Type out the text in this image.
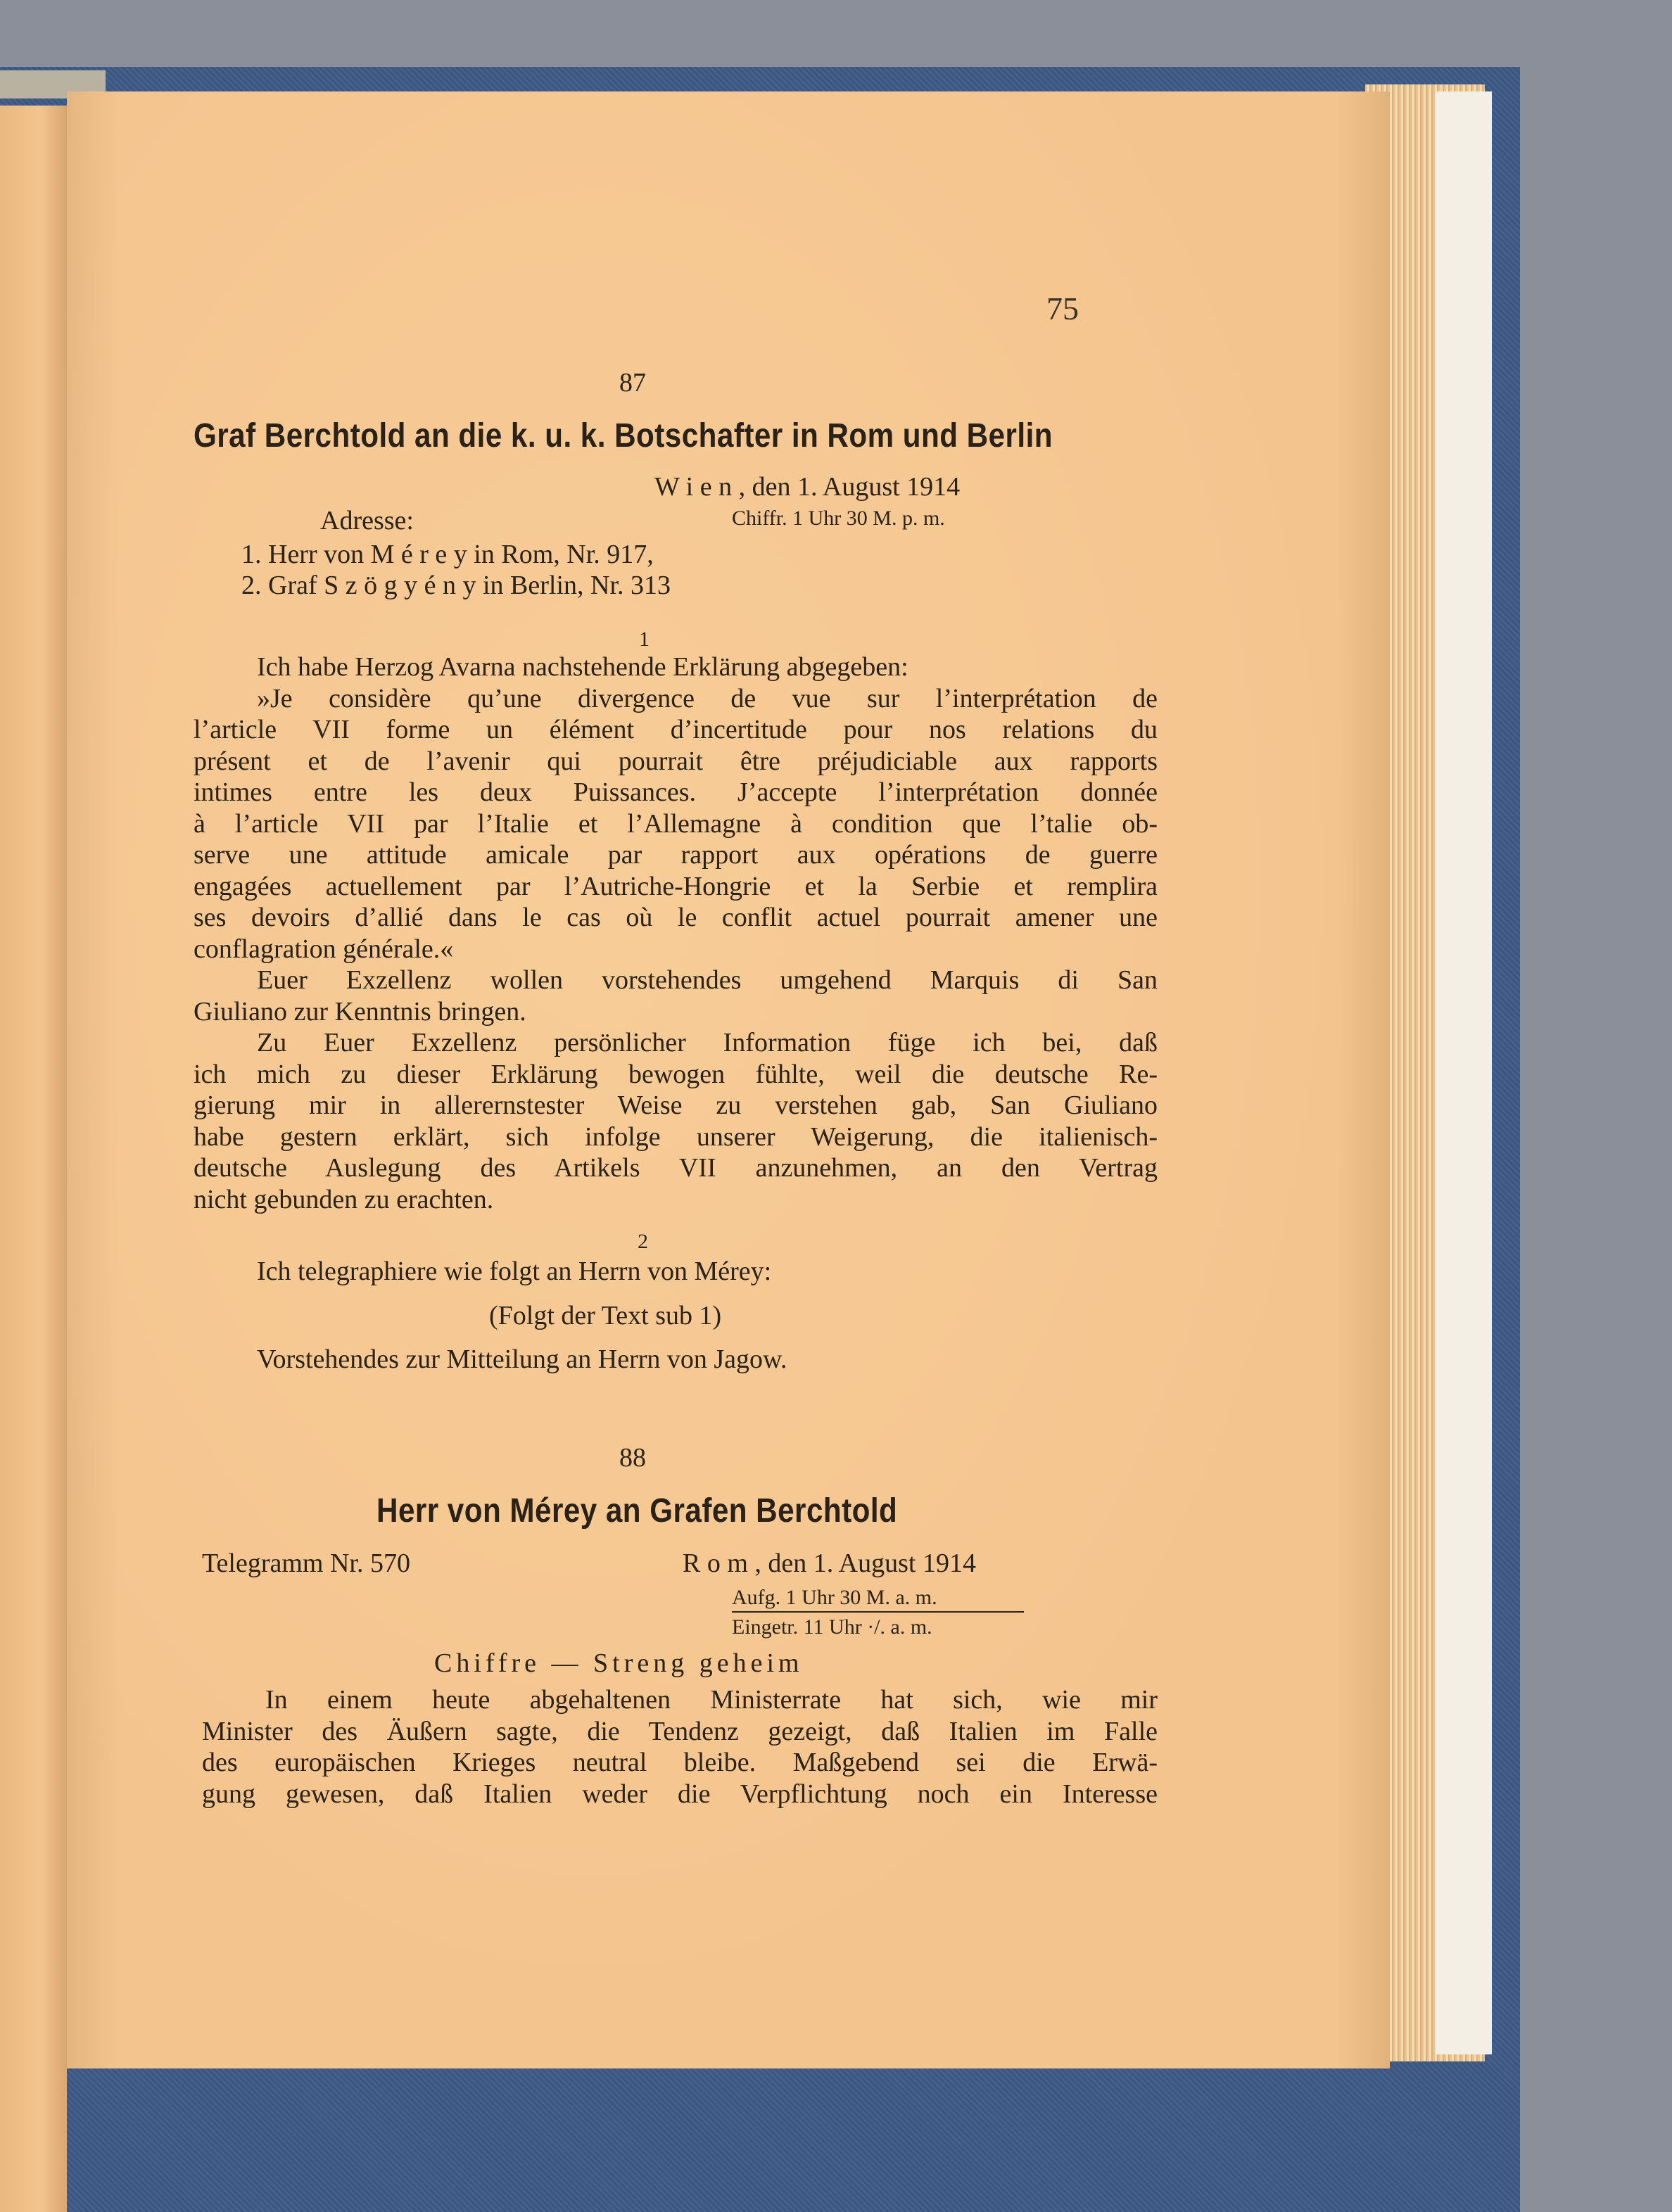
75
87
Graf Berchtold an die k. u. k. Botschafter in Rom und Berlin
W i e n , den 1. August 1914
Adresse:	Chiffr. 1 Uhr 30 M. p. m.
1. Herr von M é r e y in Rom, Nr. 917,
2. Graf S z ö g y é n y in Berlin, Nr. 313
1
Ich habe Herzog Avarna nachstehende Erklärung abgegeben:
»Je considère qu’une divergence de vue sur l’interprétation de
l’article VII forme un élément d’incertitude pour nos relations du
présent et de l’avenir qui pourrait être préjudiciable aux rapports
intimes entre les deux Puissances. J’accepte l’interprétation donnée
à l’article VII par l’Italie et l’Allemagne à condition que l’talie ob-
serve une attitude amicale par rapport aux opérations de guerre
engagées actuellement par l’Autriche-Hongrie et la Serbie et remplira
ses devoirs d’allié dans le cas où le conflit actuel pourrait amener une
conflagration générale.«
Euer Exzellenz wollen vorstehendes umgehend Marquis di San
Giuliano zur Kenntnis bringen.
Zu Euer Exzellenz persönlicher Information füge ich bei, daß
ich mich zu dieser Erklärung bewogen fühlte, weil die deutsche Re-
gierung mir in allerernstester Weise zu verstehen gab, San Giuliano
habe gestern erklärt, sich infolge unserer Weigerung, die italienisch-
deutsche Auslegung des Artikels VII anzunehmen, an den Vertrag
nicht gebunden zu erachten.
2
Ich telegraphiere wie folgt an Herrn von Mérey:
(Folgt der Text sub 1)
Vorstehendes zur Mitteilung an Herrn von Jagow.
88
Herr von Mérey an Grafen Berchtold
Telegramm Nr. 570	R o m , den 1. August 1914
Aufg. 1 Uhr 30 M. a. m.
Eingetr. 11 Uhr ·/. a. m.
Chiffre — Streng geheim
In einem heute abgehaltenen Ministerrate hat sich, wie mir
Minister des Äußern sagte, die Tendenz gezeigt, daß Italien im Falle
des europäischen Krieges neutral bleibe. Maßgebend sei die Erwä-
gung gewesen, daß Italien weder die Verpflichtung noch ein Interesse
